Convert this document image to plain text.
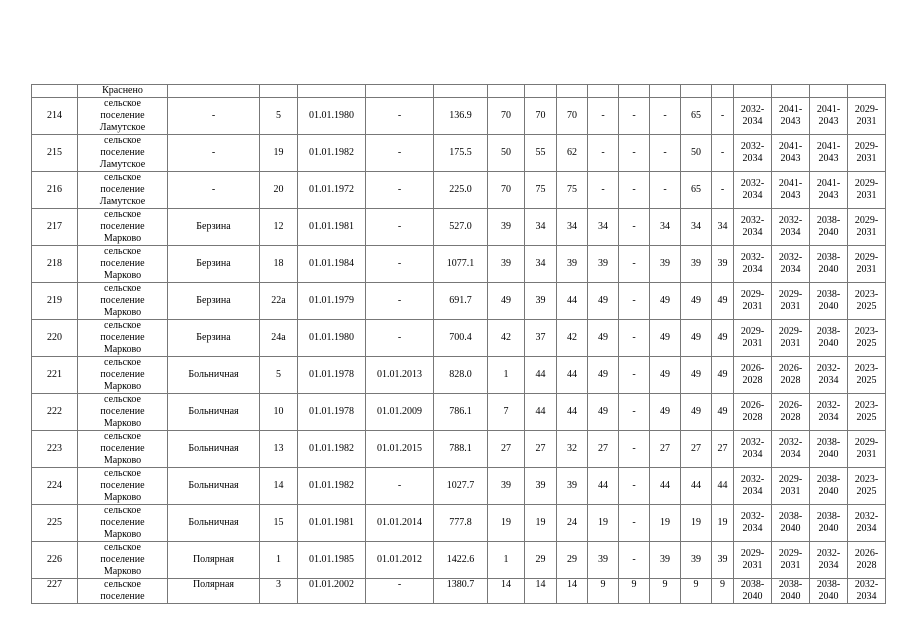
	Краснено																	
214	сельское
поселение
Ламутское	-	5	01.01.1980	-	136.9	70	70	70	-	-	-	65	-	2032-
2034	2041-
2043	2041-
2043	2029-
2031
215	сельское
поселение
Ламутское	-	19	01.01.1982	-	175.5	50	55	62	-	-	-	50	-	2032-
2034	2041-
2043	2041-
2043	2029-
2031
216	сельское
поселение
Ламутское	-	20	01.01.1972	-	225.0	70	75	75	-	-	-	65	-	2032-
2034	2041-
2043	2041-
2043	2029-
2031
217	сельское
поселение
Марково	Берзина	12	01.01.1981	-	527.0	39	34	34	34	-	34	34	34	2032-
2034	2032-
2034	2038-
2040	2029-
2031
218	сельское
поселение
Марково	Берзина	18	01.01.1984	-	1077.1	39	34	39	39	-	39	39	39	2032-
2034	2032-
2034	2038-
2040	2029-
2031
219	сельское
поселение
Марково	Берзина	22а	01.01.1979	-	691.7	49	39	44	49	-	49	49	49	2029-
2031	2029-
2031	2038-
2040	2023-
2025
220	сельское
поселение
Марково	Берзина	24а	01.01.1980	-	700.4	42	37	42	49	-	49	49	49	2029-
2031	2029-
2031	2038-
2040	2023-
2025
221	сельское
поселение
Марково	Больничная	5	01.01.1978	01.01.2013	828.0	1	44	44	49	-	49	49	49	2026-
2028	2026-
2028	2032-
2034	2023-
2025
222	сельское
поселение
Марково	Больничная	10	01.01.1978	01.01.2009	786.1	7	44	44	49	-	49	49	49	2026-
2028	2026-
2028	2032-
2034	2023-
2025
223	сельское
поселение
Марково	Больничная	13	01.01.1982	01.01.2015	788.1	27	27	32	27	-	27	27	27	2032-
2034	2032-
2034	2038-
2040	2029-
2031
224	сельское
поселение
Марково	Больничная	14	01.01.1982	-	1027.7	39	39	39	44	-	44	44	44	2032-
2034	2029-
2031	2038-
2040	2023-
2025
225	сельское
поселение
Марково	Больничная	15	01.01.1981	01.01.2014	777.8	19	19	24	19	-	19	19	19	2032-
2034	2038-
2040	2038-
2040	2032-
2034
226	сельское
поселение
Марково	Полярная	1	01.01.1985	01.01.2012	1422.6	1	29	29	39	-	39	39	39	2029-
2031	2029-
2031	2032-
2034	2026-
2028
227	сельское
поселение	Полярная	3	01.01.2002	-	1380.7	14	14	14	9	9	9	9	9	2038-
2040	2038-
2040	2038-
2040	2032-
2034
